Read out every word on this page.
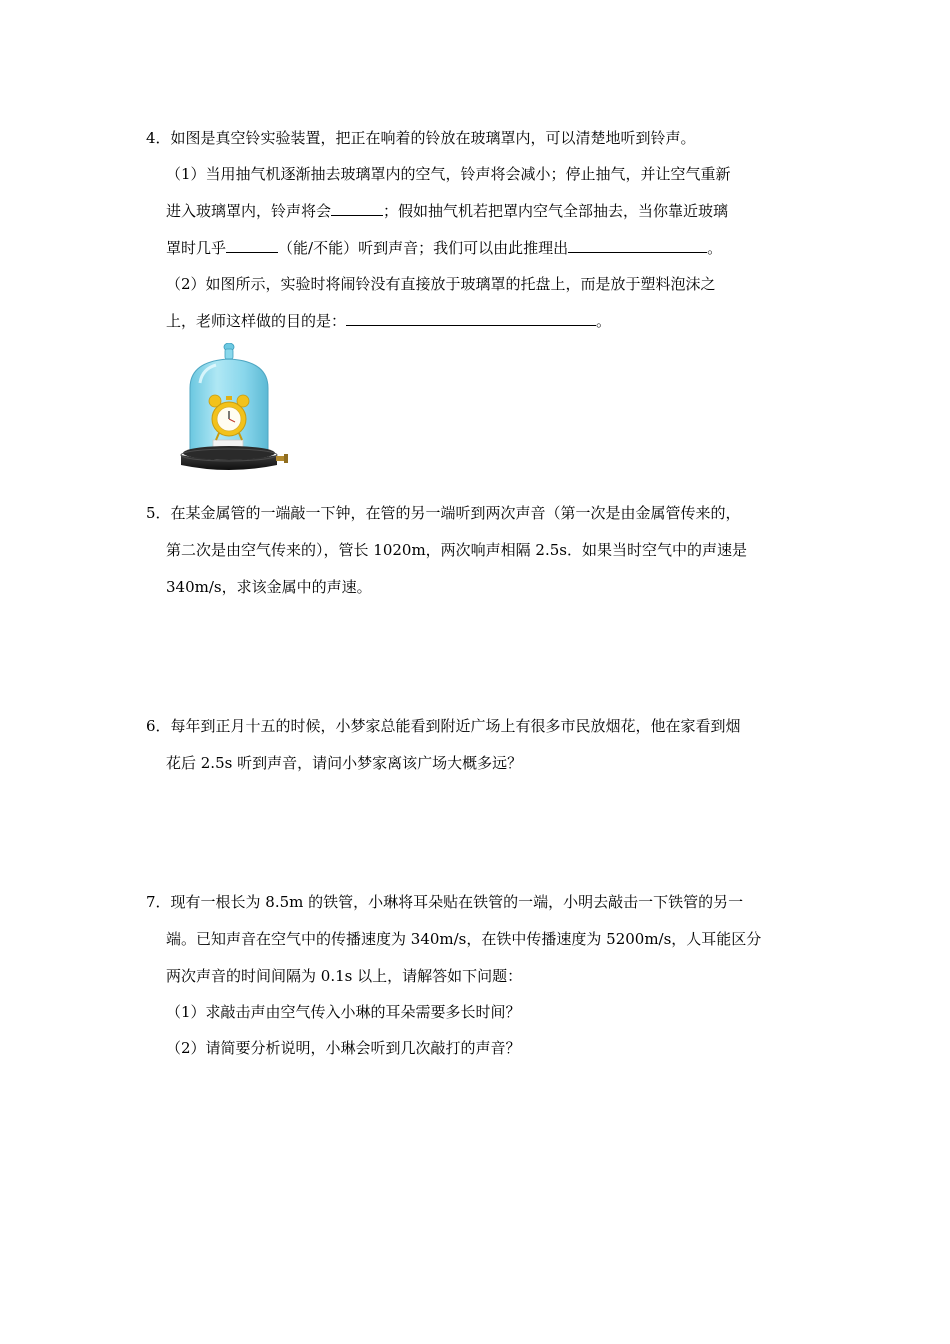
4．如图是真空铃实验装置，把正在响着的铃放在玻璃罩内，可以清楚地听到铃声。
（1）当用抽气机逐渐抽去玻璃罩内的空气，铃声将会减小；停止抽气，并让空气重新
进入玻璃罩内，铃声将会	；假如抽气机若把罩内空气全部抽去，当你靠近玻璃
罩时几乎	（能/不能）听到声音；我们可以由此推理出	。
（2）如图所示，实验时将闹铃没有直接放于玻璃罩的托盘上，而是放于塑料泡沫之
上，老师这样做的目的是：	。
5．在某金属管的一端敲一下钟，在管的另一端听到两次声音（第一次是由金属管传来的，
第二次是由空气传来的），管长 1020m，两次响声相隔 2.5s．如果当时空气中的声速是
340m/s，求该金属中的声速。
6．每年到正月十五的时候，小梦家总能看到附近广场上有很多市民放烟花，他在家看到烟
花后 2.5s 听到声音，请问小梦家离该广场大概多远？
7．现有一根长为 8.5m 的铁管，小琳将耳朵贴在铁管的一端，小明去敲击一下铁管的另一
端。已知声音在空气中的传播速度为 340m/s，在铁中传播速度为 5200m/s，人耳能区分
两次声音的时间间隔为 0.1s 以上，请解答如下问题：
（1）求敲击声由空气传入小琳的耳朵需要多长时间？
（2）请简要分析说明，小琳会听到几次敲打的声音？
